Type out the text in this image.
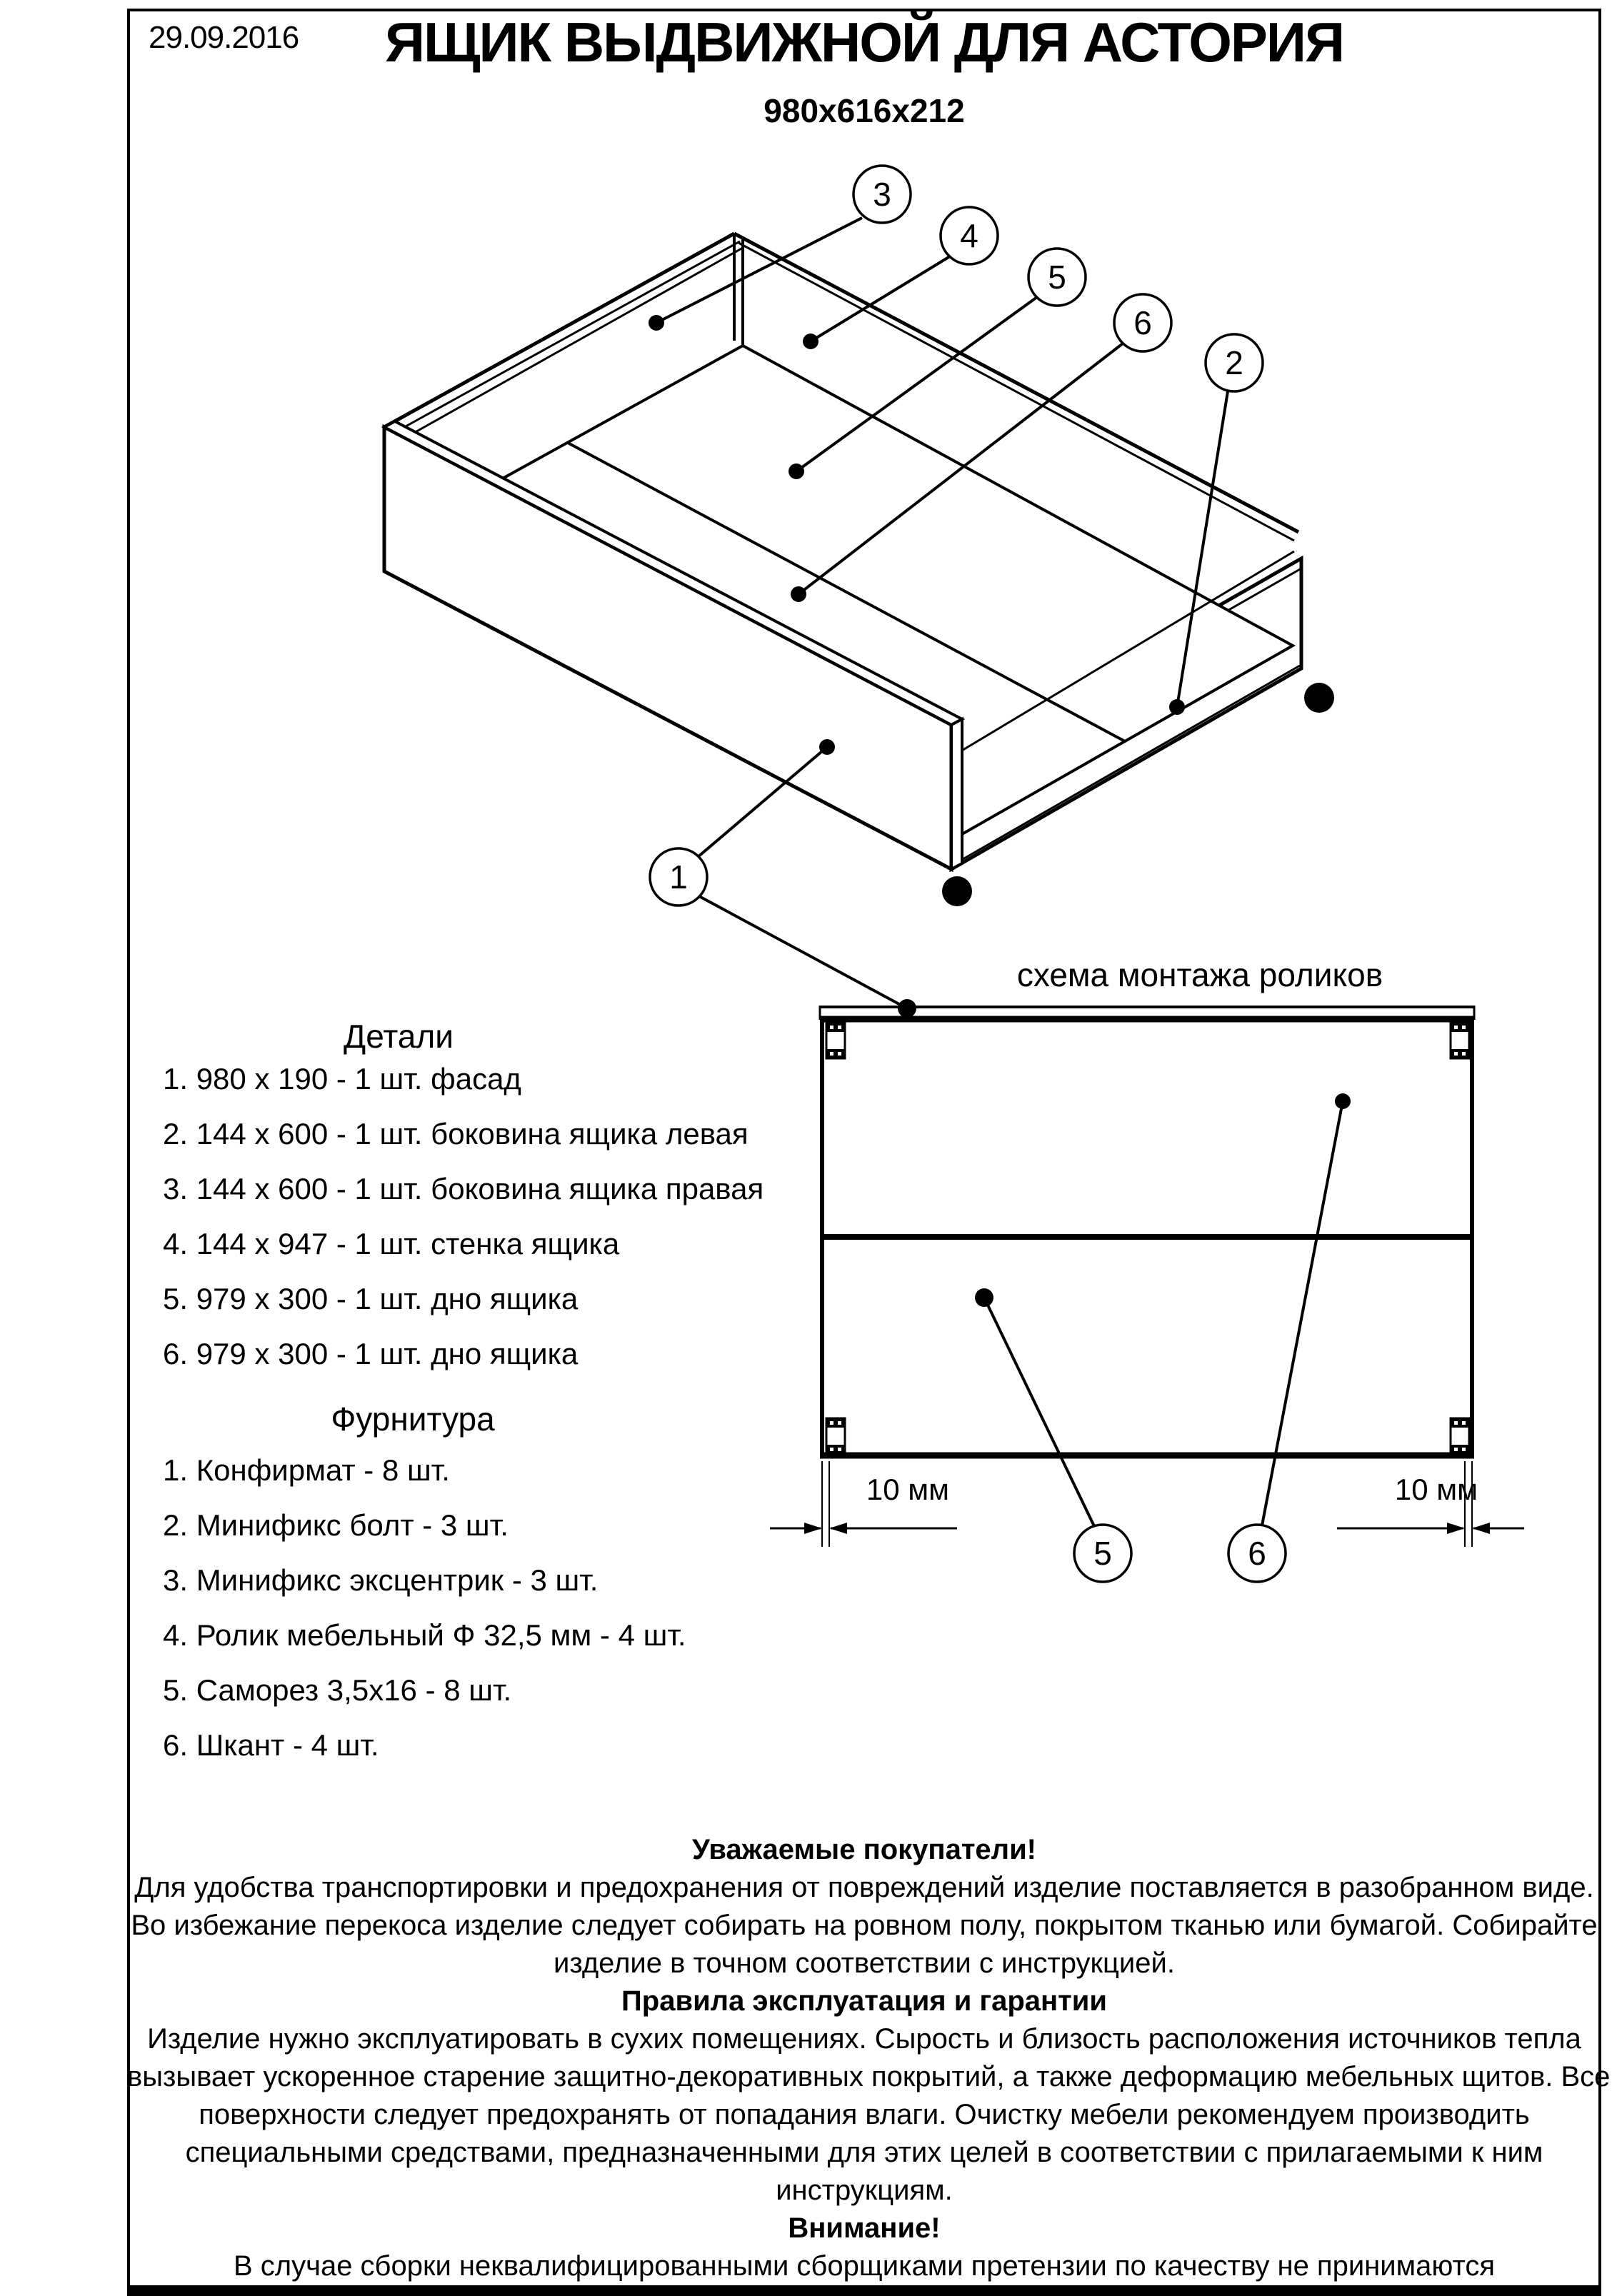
29.09.2016	ЯЩИК ВЫДВИЖНОЙ ДЛЯ АСТОРИЯ
980х616х212
3
4
5
6
2
1
5	6
Детали
1. 980 х 190 - 1 шт. фасад
2. 144 х 600 - 1 шт. боковина ящика левая
3. 144 х 600 - 1 шт. боковина ящика правая
4. 144 х 947 - 1 шт. стенка ящика
5. 979 х 300 - 1 шт. дно ящика
6. 979 х 300 - 1 шт. дно ящика
Фурнитура
1. Конфирмат - 8 шт.
2. Минификс болт - 3 шт.
3. Минификс эксцентрик - 3 шт.
4. Ролик мебельный Ф 32,5 мм - 4 шт.
5. Саморез 3,5х16 - 8 шт.
6. Шкант - 4 шт.
схема монтажа роликов
10 мм	10 мм
Уважаемые покупатели!
Для удобства транспортировки и предохранения от повреждений изделие поставляется в разобранном виде.
Во избежание перекоса изделие следует собирать на ровном полу, покрытом тканью или бумагой. Собирайте
изделие в точном соответствии с инструкцией.
Правила эксплуатация и гарантии
Изделие нужно эксплуатировать в сухих помещениях. Сырость и близость расположения источников тепла
вызывает ускоренное старение защитно-декоративных покрытий, а также деформацию мебельных щитов. Все
поверхности следует предохранять от попадания влаги. Очистку мебели рекомендуем производить
специальными средствами, предназначенными для этих целей в соответствии с прилагаемыми к ним
инструкциям.
Внимание!
В случае сборки неквалифицированными сборщиками претензии по качеству не принимаются
